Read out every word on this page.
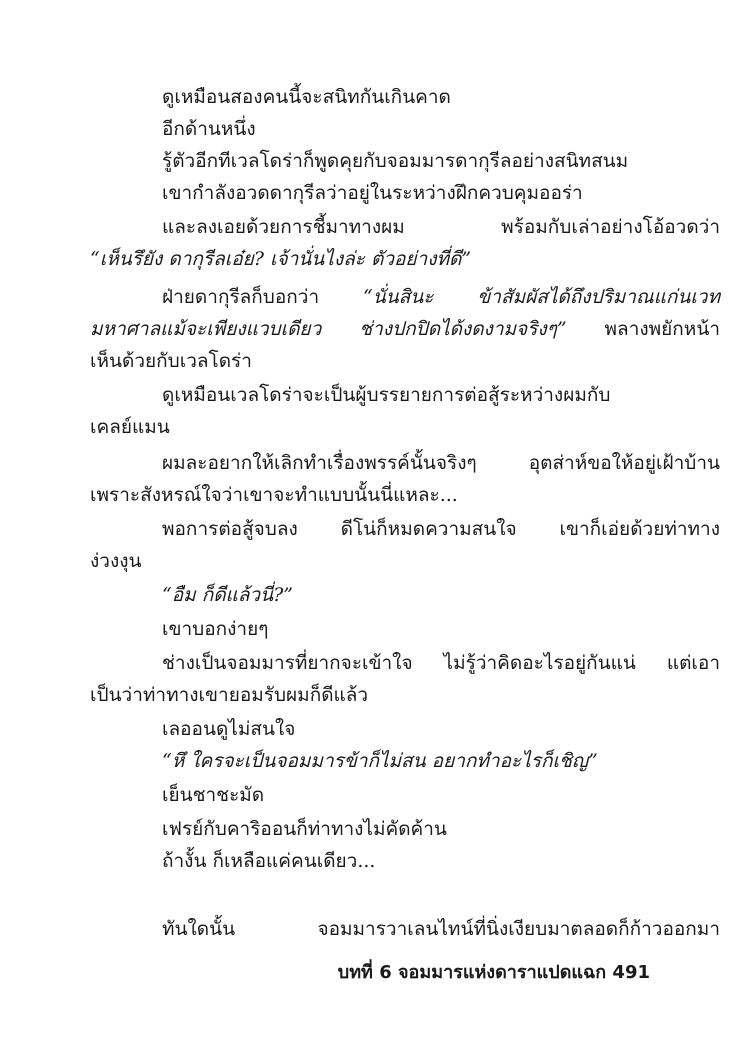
ดูเหมือนสองคนนี้จะสนิทกันเกินคาด
อีกด้านหนึ่ง
รู้ตัวอีกทีเวลโดร่าก็พูดคุยกับจอมมารดากุรีลอย่างสนิทสนม
เขากำลังอวดดากุรีลว่าอยู่ในระหว่างฝึกควบคุมออร่า
และลงเอยด้วยการชี้มาทางผม พร้อมกับเล่าอย่างโอ้อวดว่า
“เห็นรึยัง ดากุรีลเอ๋ย? เจ้านั่นไงล่ะ ตัวอย่างที่ดี”
ฝ่ายดากุรีลก็บอกว่า “นั่นสินะ ข้าสัมผัสได้ถึงปริมาณแก่นเวท
มหาศาลแม้จะเพียงแวบเดียว ช่างปกปิดได้งดงามจริงๆ” พลางพยักหน้า
เห็นด้วยกับเวลโดร่า
ดูเหมือนเวลโดร่าจะเป็นผู้บรรยายการต่อสู้ระหว่างผมกับ
เคลย์แมน
ผมละอยากให้เลิกทำเรื่องพรรค์นั้นจริงๆ อุตส่าห์ขอให้อยู่เฝ้าบ้าน
เพราะสังหรณ์ใจว่าเขาจะทำแบบนั้นนี่แหละ...
พอการต่อสู้จบลง ดีโน่ก็หมดความสนใจ เขาก็เอ่ยด้วยท่าทาง
ง่วงงุน
“อืม ก็ดีแล้วนี่?”
เขาบอกง่ายๆ
ช่างเป็นจอมมารที่ยากจะเข้าใจ ไม่รู้ว่าคิดอะไรอยู่กันแน่ แต่เอา
เป็นว่าท่าทางเขายอมรับผมก็ดีแล้ว
เลออนดูไม่สนใจ
“หึ ใครจะเป็นจอมมารข้าก็ไม่สน อยากทำอะไรก็เชิญ”
เย็นชาชะมัด
เฟรย์กับคาริออนก็ท่าทางไม่คัดค้าน
ถ้างั้น ก็เหลือแค่คนเดียว...
ทันใดนั้น จอมมารวาเลนไทน์ที่นิ่งเงียบมาตลอดก็ก้าวออกมา
บทที่ 6 จอมมารแห่งดาราแปดแฉก 491
